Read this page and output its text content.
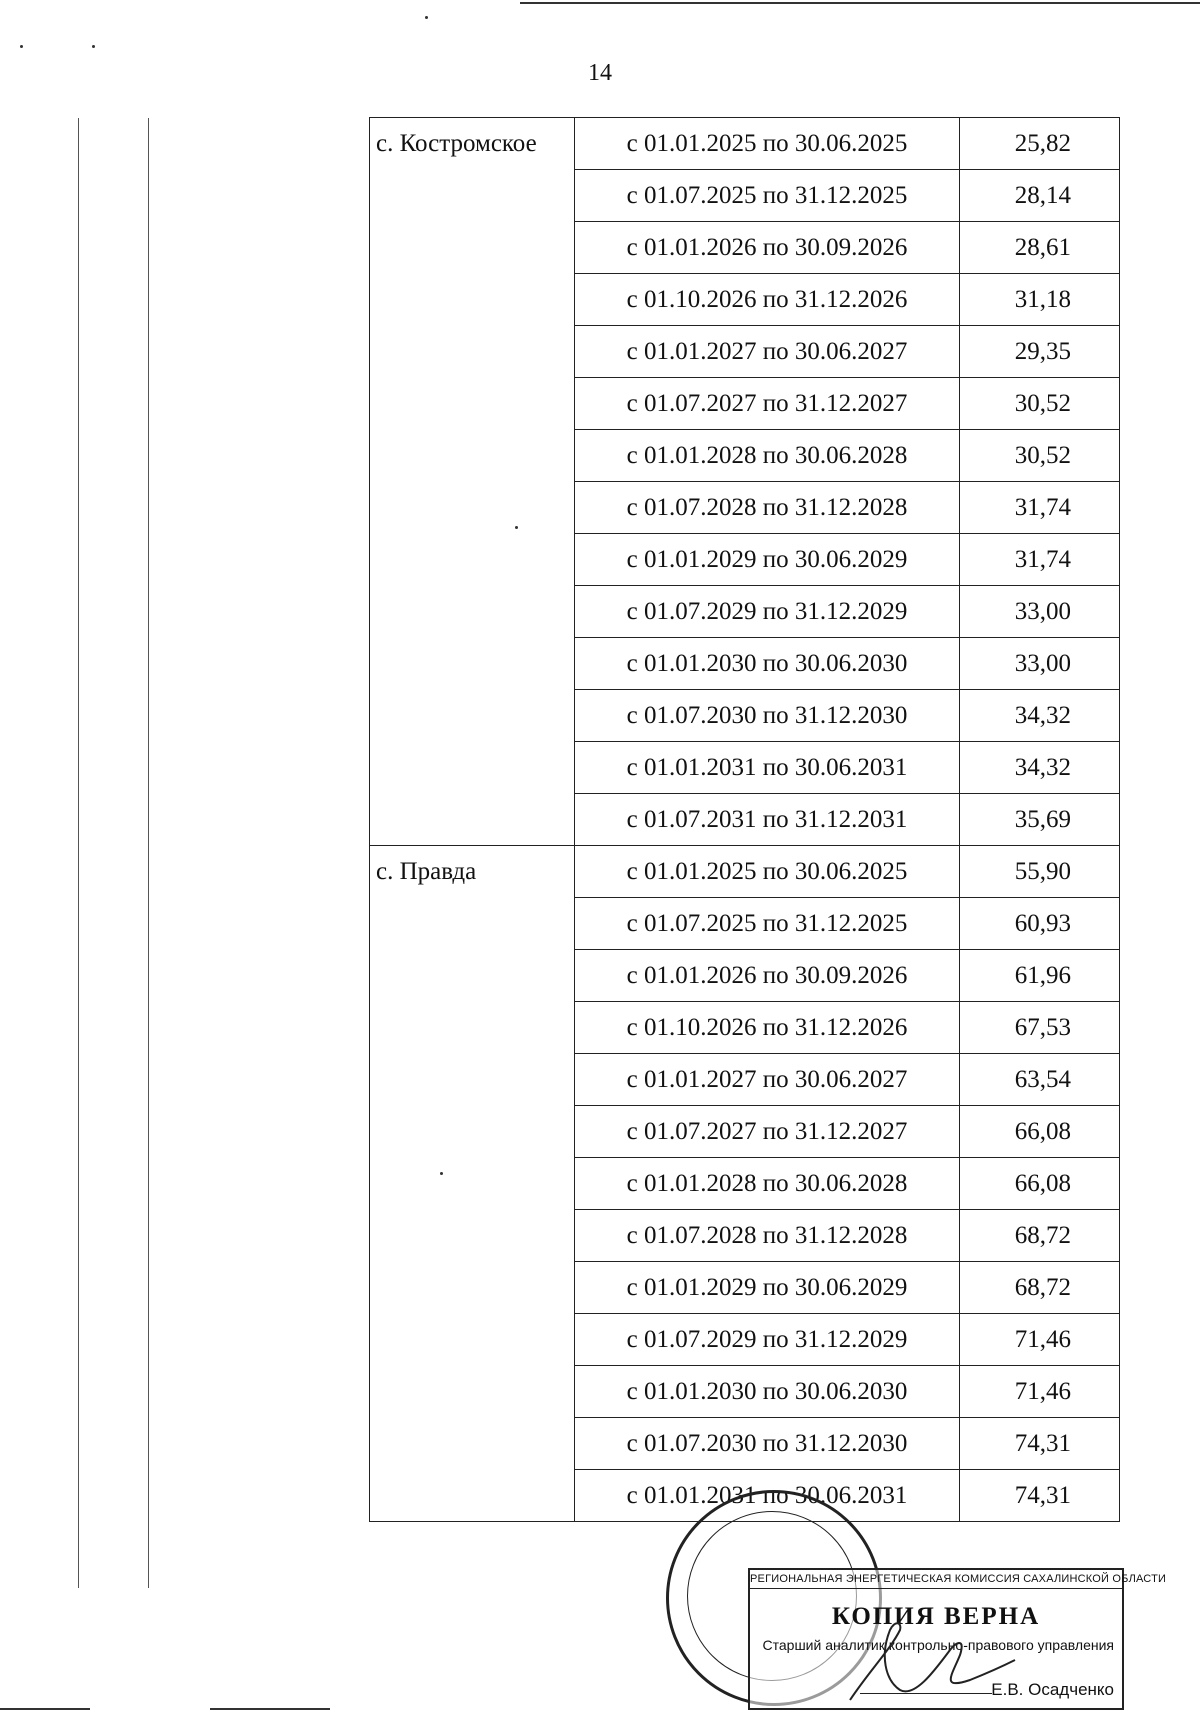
14
с. Костромское	с 01.01.2025 по 30.06.2025	25,82
	с 01.07.2025 по 31.12.2025	28,14
	с 01.01.2026 по 30.09.2026	28,61
	с 01.10.2026 по 31.12.2026	31,18
	с 01.01.2027 по 30.06.2027	29,35
	с 01.07.2027 по 31.12.2027	30,52
	с 01.01.2028 по 30.06.2028	30,52
	с 01.07.2028 по 31.12.2028	31,74
	с 01.01.2029 по 30.06.2029	31,74
	с 01.07.2029 по 31.12.2029	33,00
	с 01.01.2030 по 30.06.2030	33,00
	с 01.07.2030 по 31.12.2030	34,32
	с 01.01.2031 по 30.06.2031	34,32
	с 01.07.2031 по 31.12.2031	35,69
с. Правда	с 01.01.2025 по 30.06.2025	55,90
	с 01.07.2025 по 31.12.2025	60,93
	с 01.01.2026 по 30.09.2026	61,96
	с 01.10.2026 по 31.12.2026	67,53
	с 01.01.2027 по 30.06.2027	63,54
	с 01.07.2027 по 31.12.2027	66,08
	с 01.01.2028 по 30.06.2028	66,08
	с 01.07.2028 по 31.12.2028	68,72
	с 01.01.2029 по 30.06.2029	68,72
	с 01.07.2029 по 31.12.2029	71,46
	с 01.01.2030 по 30.06.2030	71,46
	с 01.07.2030 по 31.12.2030	74,31
	с 01.01.2031 по 30.06.2031	74,31
РЕГИОНАЛЬНАЯ ЭНЕРГЕТИЧЕСКАЯ КОМИССИЯ САХАЛИНСКОЙ ОБЛАСТИ
КОПИЯ ВЕРНА
Старший аналитик контрольно-правового управления
Е.В. Осадченко
